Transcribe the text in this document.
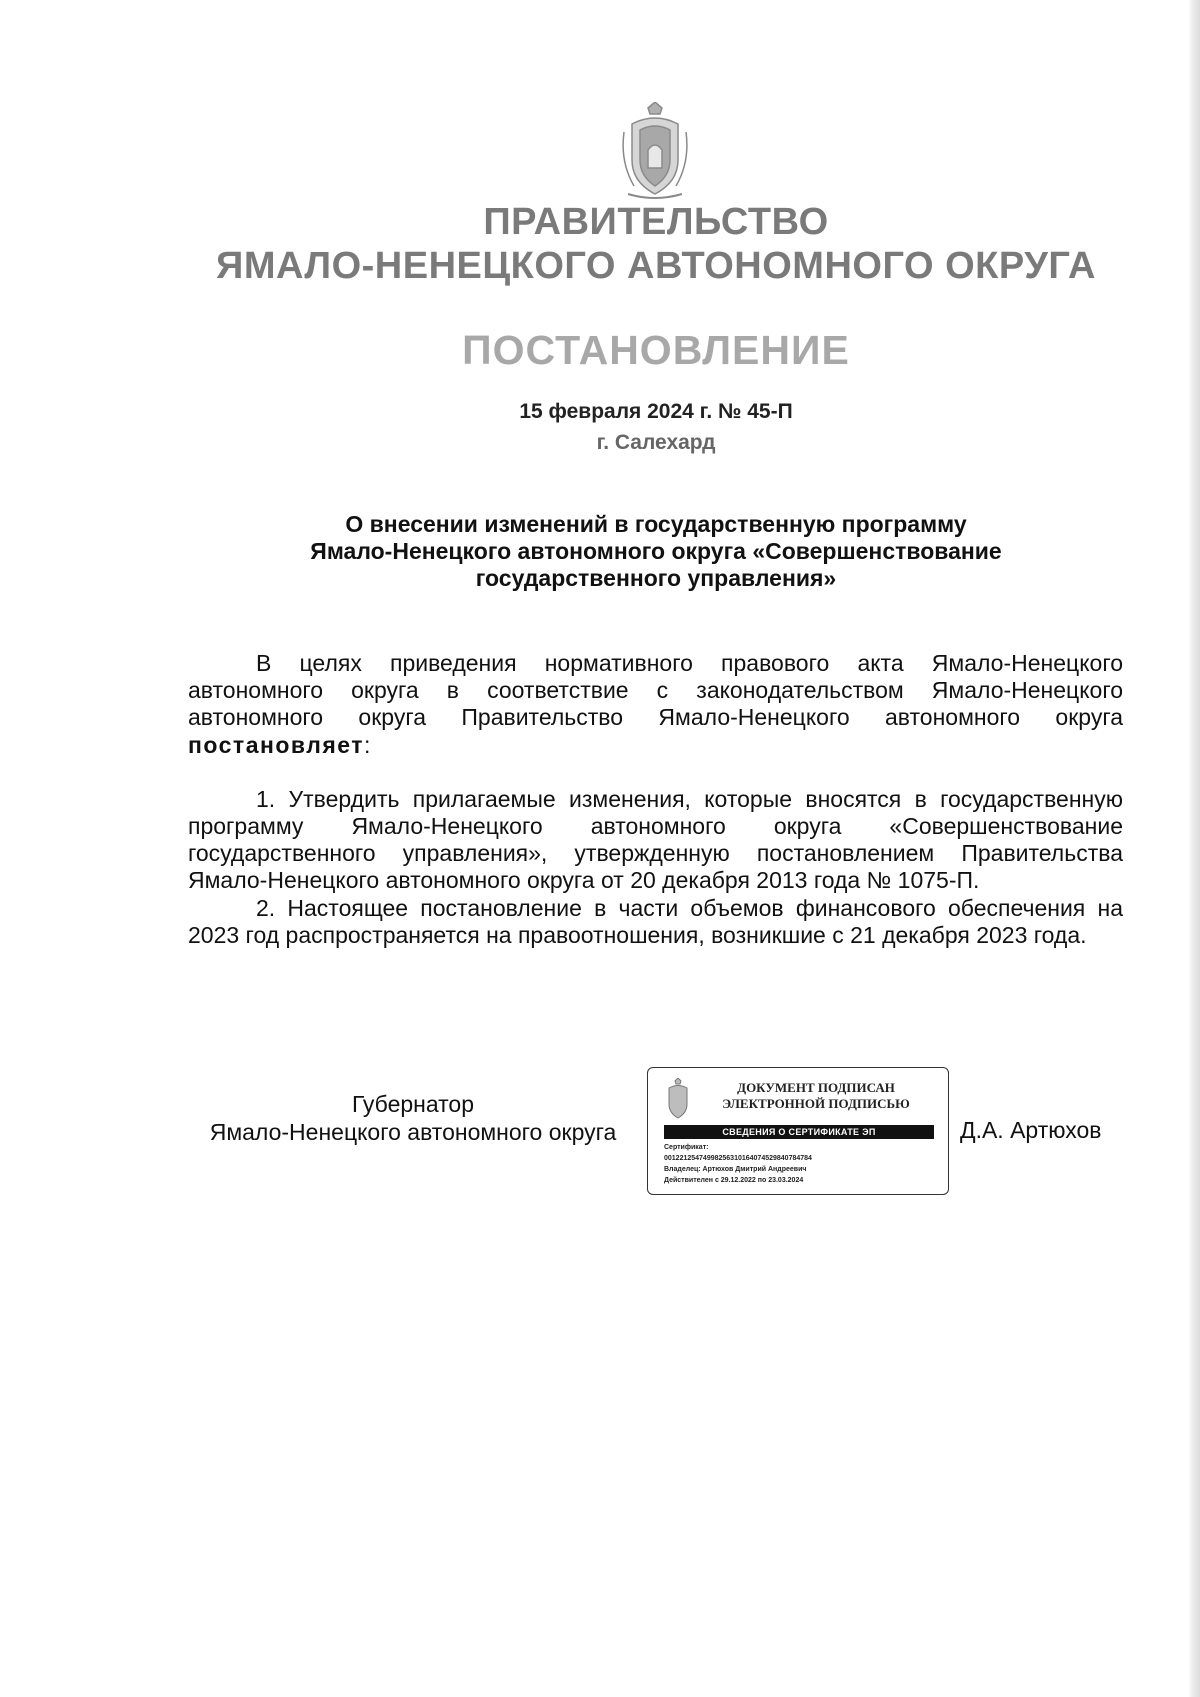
ПРАВИТЕЛЬСТВО
ЯМАЛО-НЕНЕЦКОГО АВТОНОМНОГО ОКРУГА
ПОСТАНОВЛЕНИЕ
15 февраля 2024 г. № 45-П
г. Салехард
О внесении изменений в государственную программу
Ямало-Ненецкого автономного округа «Совершенствование
государственного управления»

В целях приведения нормативного правового акта Ямало-Ненецкого автономного округа в соответствие с законодательством Ямало-Ненецкого автономного округа Правительство Ямало-Ненецкого автономного округа постановляет:

1. Утвердить прилагаемые изменения, которые вносятся в государственную программу Ямало-Ненецкого автономного округа «Совершенствование государственного управления», утвержденную постановлением Правительства Ямало-Ненецкого автономного округа от 20 декабря 2013 года № 1075-П.

2. Настоящее постановление в части объемов финансового обеспечения на 2023 год распространяется на правоотношения, возникшие с 21 декабря 2023 года.

Губернатор
Ямало-Ненецкого автономного округа
ДОКУМЕНТ ПОДПИСАН
ЭЛЕКТРОННОЙ ПОДПИСЬЮ
СВЕДЕНИЯ О СЕРТИФИКАТЕ ЭП
Сертификат:
00122125474998256310164074529840784784
Владелец: Артюхов Дмитрий Андреевич
Действителен с 29.12.2022 по 23.03.2024
Д.А. Артюхов
